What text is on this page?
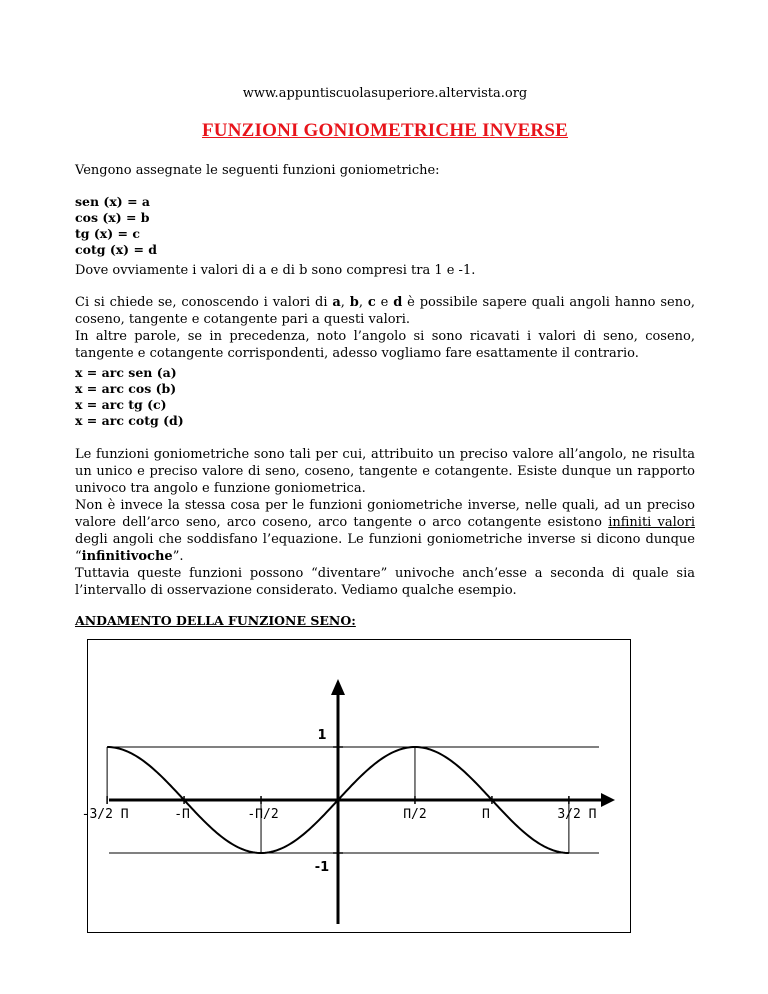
www.appuntiscuolasuperiore.altervista.org
FUNZIONI GONIOMETRICHE INVERSE
Vengono assegnate le seguenti funzioni goniometriche:
sen (x) = a
cos (x) = b
tg (x) = c
cotg (x) = d
Dove ovviamente i valori di a e di b sono compresi tra 1 e -1.
Ci si chiede se, conoscendo i valori di a, b, c e d è possibile sapere quali angoli hanno seno, coseno, tangente e cotangente pari a questi valori.
In altre parole, se in precedenza, noto l’angolo si sono ricavati i valori di seno, coseno, tangente e cotangente corrispondenti, adesso vogliamo fare esattamente il contrario.
x = arc sen (a)
x = arc cos (b)
x = arc tg (c)
x = arc cotg (d)
Le funzioni goniometriche sono tali per cui, attribuito un preciso valore all’angolo, ne risulta un unico e preciso valore di seno, coseno, tangente e cotangente. Esiste dunque un rapporto univoco tra angolo e funzione goniometrica.
Non è invece la stessa cosa per le funzioni goniometriche inverse, nelle quali, ad un preciso valore dell’arco seno, arco coseno, arco tangente o arco cotangente esistono infiniti valori degli angoli che soddisfano l’equazione. Le funzioni goniometriche inverse si dicono dunque “infinitivoche”.
Tuttavia queste funzioni possono “diventare” univoche anch’esse a seconda di quale sia l’intervallo di osservazione considerato. Vediamo qualche esempio.
ANDAMENTO DELLA FUNZIONE SENO:
-3/2 Π	-Π	-Π/2	Π/2	Π	3/2 Π
1
-1
